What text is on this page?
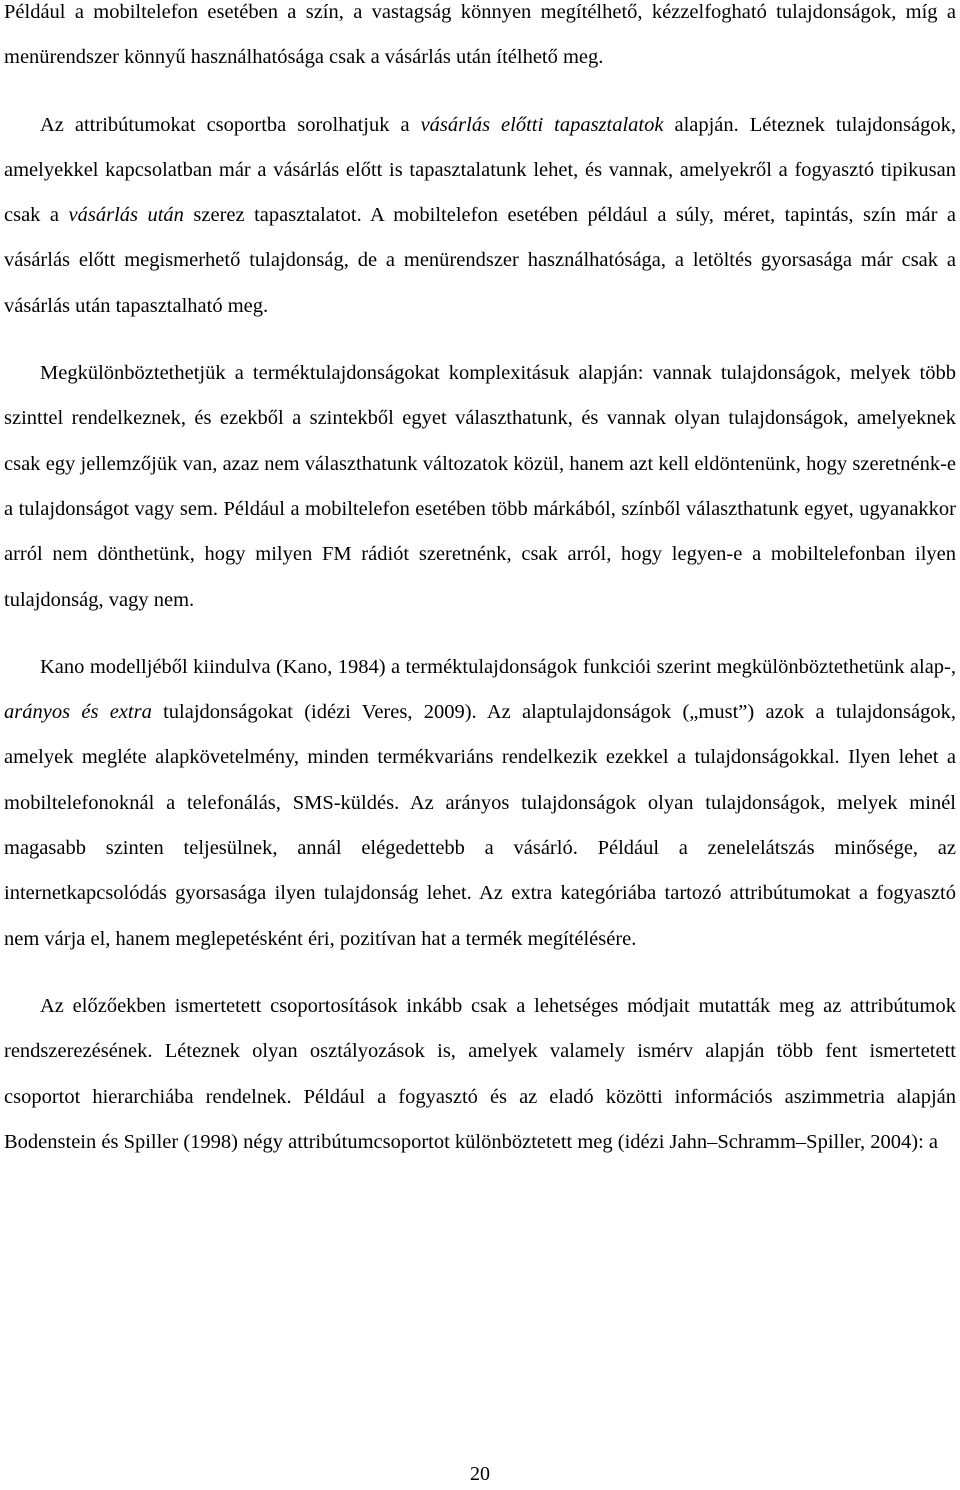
Például a mobiltelefon esetében a szín, a vastagság könnyen megítélhető, kézzelfogható tulajdonságok, míg a menürendszer könnyű használhatósága csak a vásárlás után ítélhető meg.

Az attribútumokat csoportba sorolhatjuk a vásárlás előtti tapasztalatok alapján. Léteznek tulajdonságok, amelyekkel kapcsolatban már a vásárlás előtt is tapasztalatunk lehet, és vannak, amelyekről a fogyasztó tipikusan csak a vásárlás után szerez tapasztalatot. A mobiltelefon esetében például a súly, méret, tapintás, szín már a vásárlás előtt megismerhető tulajdonság, de a menürendszer használhatósága, a letöltés gyorsasága már csak a vásárlás után tapasztalható meg.

Megkülönböztethetjük a terméktulajdonságokat komplexitásuk alapján: vannak tulajdonságok, melyek több szinttel rendelkeznek, és ezekből a szintekből egyet választhatunk, és vannak olyan tulajdonságok, amelyeknek csak egy jellemzőjük van, azaz nem választhatunk változatok közül, hanem azt kell eldöntenünk, hogy szeretnénk-e a tulajdonságot vagy sem. Például a mobiltelefon esetében több márkából, színből választhatunk egyet, ugyanakkor arról nem dönthetünk, hogy milyen FM rádiót szeretnénk, csak arról, hogy legyen-e a mobiltelefonban ilyen tulajdonság, vagy nem.

Kano modelljéből kiindulva (Kano, 1984) a terméktulajdonságok funkciói szerint megkülönböztethetünk alap-, arányos és extra tulajdonságokat (idézi Veres, 2009). Az alaptulajdonságok („must”) azok a tulajdonságok, amelyek megléte alapkövetelmény, minden termékvariáns rendelkezik ezekkel a tulajdonságokkal. Ilyen lehet a mobiltelefonoknál a telefonálás, SMS-küldés. Az arányos tulajdonságok olyan tulajdonságok, melyek minél magasabb szinten teljesülnek, annál elégedettebb a vásárló. Például a zenelelátszás minősége, az internetkapcsolódás gyorsasága ilyen tulajdonság lehet. Az extra kategóriába tartozó attribútumokat a fogyasztó nem várja el, hanem meglepetésként éri, pozitívan hat a termék megítélésére.

Az előzőekben ismertetett csoportosítások inkább csak a lehetséges módjait mutatták meg az attribútumok rendszerezésének. Léteznek olyan osztályozások is, amelyek valamely ismérv alapján több fent ismertetett csoportot hierarchiába rendelnek. Például a fogyasztó és az eladó közötti információs aszimmetria alapján Bodenstein és Spiller (1998) négy attribútumcsoportot különböztetett meg (idézi Jahn–Schramm–Spiller, 2004): a

20
